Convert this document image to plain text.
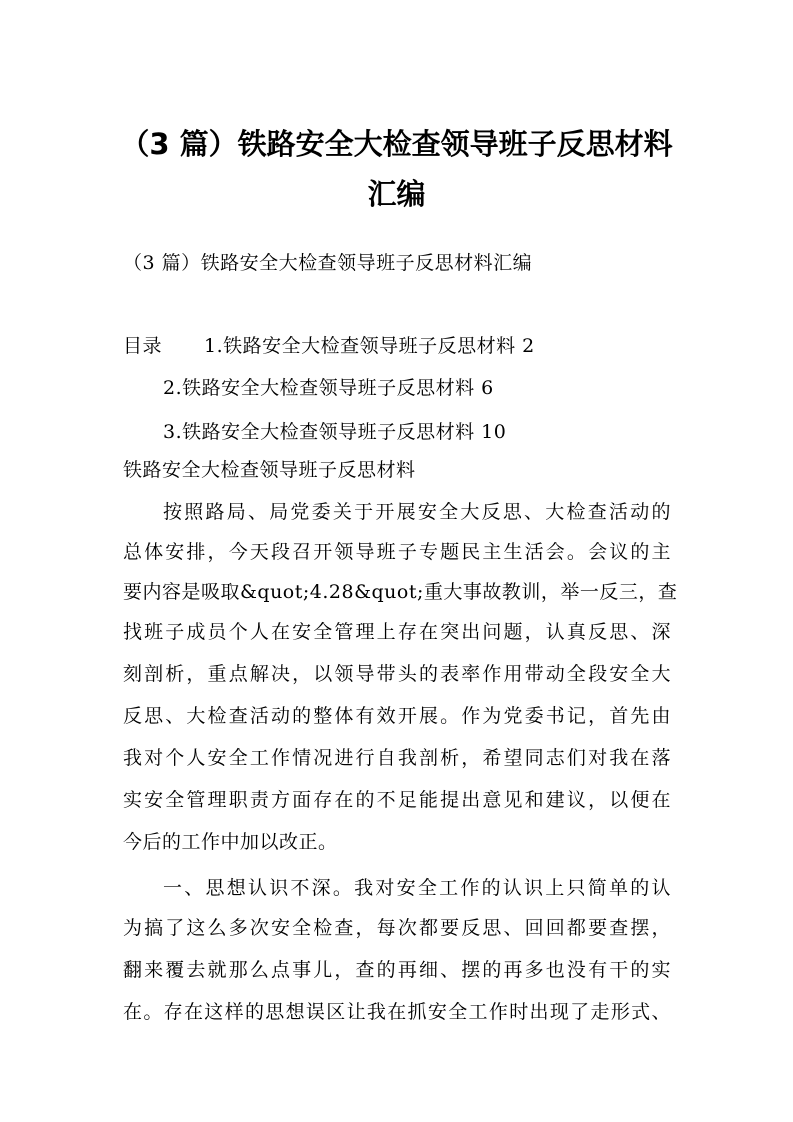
（3 篇）铁路安全大检查领导班子反思材料
汇编
（3 篇）铁路安全大检查领导班子反思材料汇编
目录 1.铁路安全大检查领导班子反思材料 2
2.铁路安全大检查领导班子反思材料 6
3.铁路安全大检查领导班子反思材料 10
铁路安全大检查领导班子反思材料
按照路局、局党委关于开展安全大反思、大检查活动的
总体安排，今天段召开领导班子专题民主生活会。会议的主
要内容是吸取&quot;4.28&quot;重大事故教训，举一反三，查
找班子成员个人在安全管理上存在突出问题，认真反思、深
刻剖析，重点解决，以领导带头的表率作用带动全段安全大
反思、大检查活动的整体有效开展。作为党委书记，首先由
我对个人安全工作情况进行自我剖析，希望同志们对我在落
实安全管理职责方面存在的不足能提出意见和建议，以便在
今后的工作中加以改正。
一、思想认识不深。我对安全工作的认识上只简单的认
为搞了这么多次安全检查，每次都要反思、回回都要查摆，
翻来覆去就那么点事儿，查的再细、摆的再多也没有干的实
在。存在这样的思想误区让我在抓安全工作时出现了走形式、
